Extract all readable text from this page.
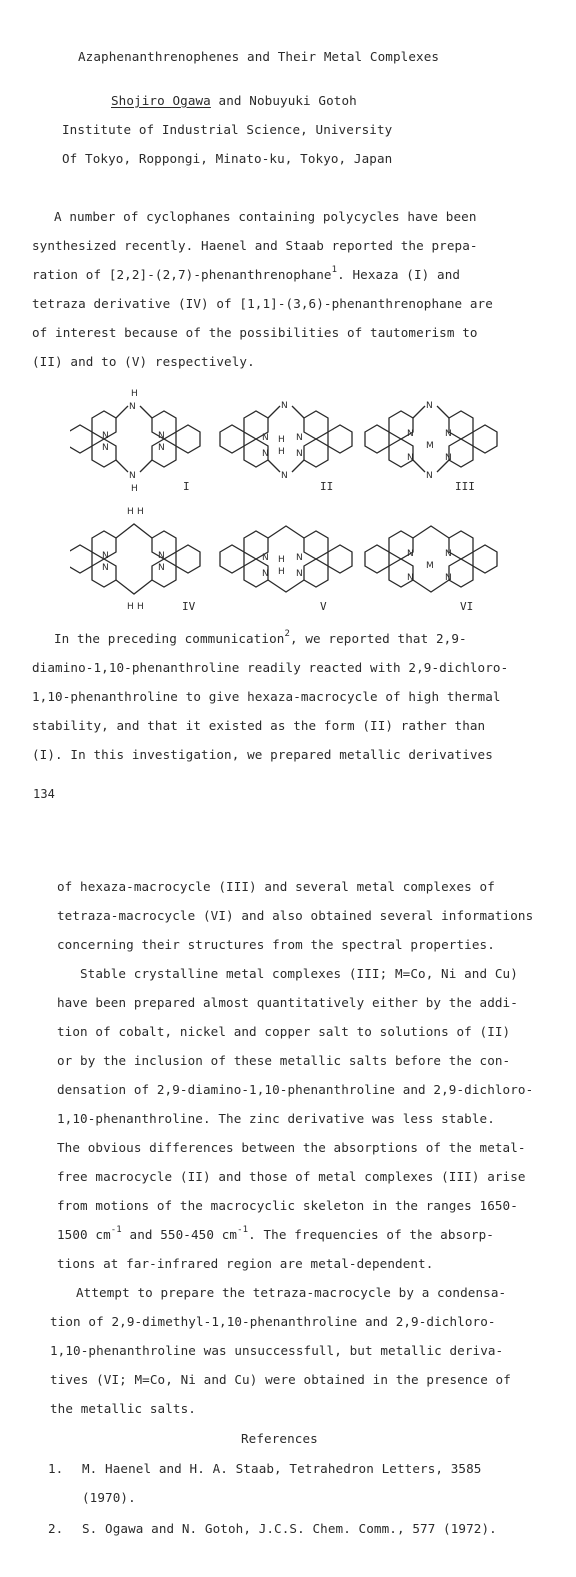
Azaphenanthrenophenes and Their Metal Complexes
Shojiro Ogawa and Nobuyuki Gotoh
Institute of Industrial Science, University
Of Tokyo, Roppongi, Minato-ku, Tokyo, Japan
A number of cyclophanes containing polycycles have been
synthesized recently. Haenel and Staab reported the prepa-
ration of [2,2]-(2,7)-phenanthrenophane$^1$. Hexaza (I) and
tetraza derivative (IV) of [1,1]-(3,6)-phenanthrenophane are
of interest because of the possibilities of tautomerism to
(II) and to (V) respectively.
N
H
N
H
N	N
N	N
I
N
N
N H N
N H N
II
N
N
N	N
M
N	N
III
H H
H H
N	N
N	N
IV
N H N
N H N
V
N	N
M
N	N
VI
In the preceding communication$^2$, we reported that 2,9-
diamino-1,10-phenanthroline readily reacted with 2,9-dichloro-
1,10-phenanthroline to give hexaza-macrocycle of high thermal
stability, and that it existed as the form (II) rather than
(I). In this investigation, we prepared metallic derivatives
134
of hexaza-macrocycle (III) and several metal complexes of
tetraza-macrocycle (VI) and also obtained several informations
concerning their structures from the spectral properties.
Stable crystalline metal complexes (III; M=Co, Ni and Cu)
have been prepared almost quantitatively either by the addi-
tion of cobalt, nickel and copper salt to solutions of (II)
or by the inclusion of these metallic salts before the con-
densation of 2,9-diamino-1,10-phenanthroline and 2,9-dichloro-
1,10-phenanthroline. The zinc derivative was less stable.
The obvious differences between the absorptions of the metal-
free macrocycle (II) and those of metal complexes (III) arise
from motions of the macrocyclic skeleton in the ranges 1650-
1500 $cm^{-1}$ and 550-450 $cm^{-1}$. The frequencies of the absorp-
tions at far-infrared region are metal-dependent.
Attempt to prepare the tetraza-macrocycle by a condensa-
tion of 2,9-dimethyl-1,10-phenanthroline and 2,9-dichloro-
1,10-phenanthroline was unsuccessfull, but metallic deriva-
tives (VI; M=Co, Ni and Cu) were obtained in the presence of
the metallic salts.
References
1. M. Haenel and H. A. Staab, Tetrahedron Letters, 3585
(1970).
2. S. Ogawa and N. Gotoh, J.C.S. Chem. Comm., 577 (1972).
